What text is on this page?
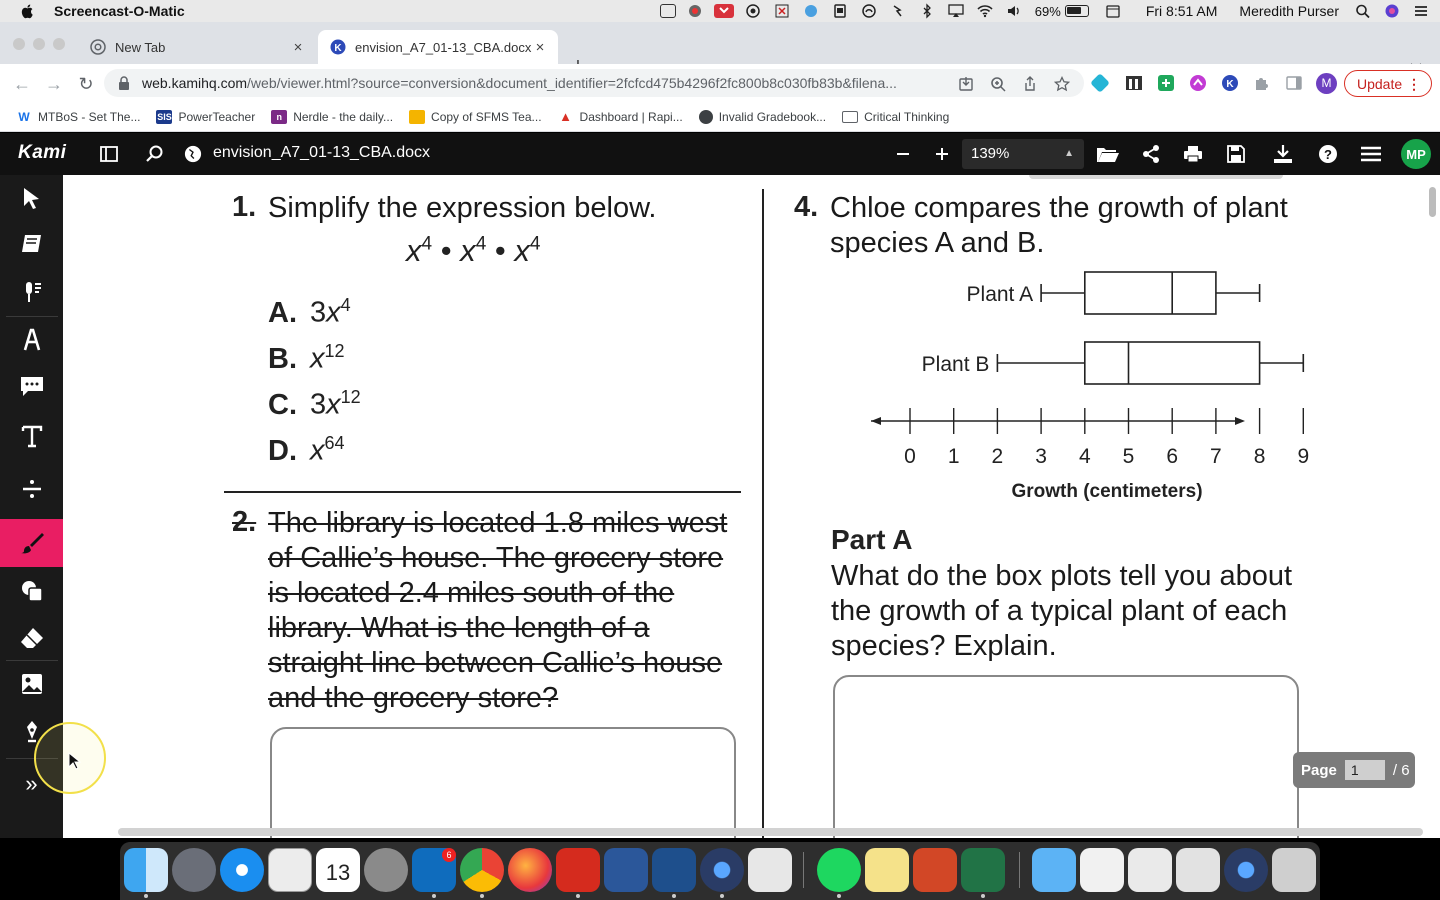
Screencast-O-Matic	69%	Fri 8:51 AM Meredith Purser
New Tab	×	K envision_A7_01-13_CBA.docx ×
← → ↻	web.kamihq.com/web/viewer.html?source=conversion&document_identifier=2fcfcd475b4296f2fc800b8c030fb83b&filena...	K	M	Update ⋮
W MTBoS - Set The... SIS PowerTeacher	n Nerdle - the daily...	Copy of SFMS Tea... ▲ Dashboard | Rapi...	Invalid Gradebook...	Critical Thinking
Kami	envision_A7_01-13_CBA.docx	139%	▲	?	MP
»
1. Simplify the expression below.
$x^4$ • $x^4$ • $x^4$
A. $3x^4$
B. $x^{12}$
C. $3x^{12}$
D. $x^{64}$
2. The library is located 1.8 miles west
of Callie’s house. The grocery store
is located 2.4 miles south of the
library. What is the length of a
straight line between Callie’s house
and the grocery store?
4. Chloe compares the growth of plant
species A and B.
Plant A
Plant B
0 1 2 3 4 5 6 7 8 9
Growth (centimeters)
Part A
What do the box plots tell you about
the growth of a typical plant of each
species? Explain.
Page	1	/ 6
13
6
